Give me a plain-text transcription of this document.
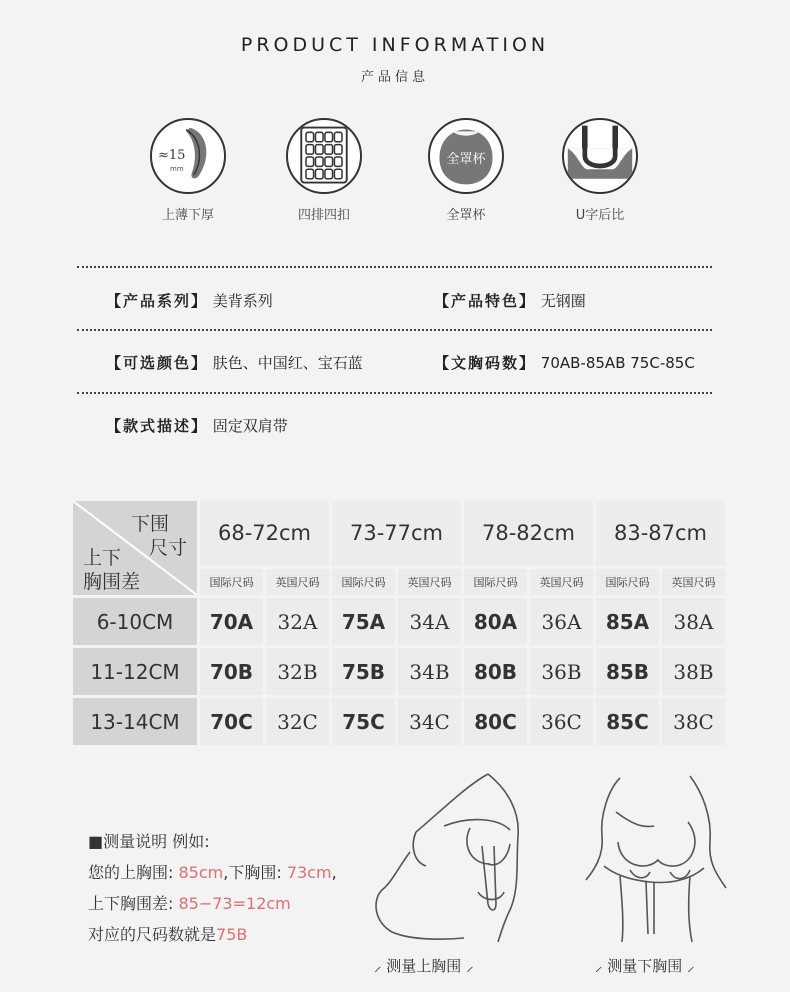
PRODUCT INFORMATION
产品信息
≈15
mm
上薄下厚	四排四扣
全罩杯
全罩杯	U字后比
【产品系列】 美背系列	【产品特色】 无钢圈
【可选颜色】 肤色、中国红、宝石蓝	【文胸码数】 70AB-85AB 75C-85C
【款式描述】 固定双肩带
下围
尺寸
上下
胸围差	68-72cm		73-77cm		78-82cm		83-87cm	
	国际尺码	英国尺码	国际尺码	英国尺码	国际尺码	英国尺码	国际尺码	英国尺码
6-10CM	70A	32A	75A	34A	80A	36A	85A	38A
11-12CM	70B	32B	75B	34B	80B	36B	85B	38B
13-14CM	70C	32C	75C	34C	80C	36C	85C	38C
■测量说明 例如:
您的上胸围: 85cm,下胸围: 73cm,
上下胸围差: 85−73=12cm
对应的尺码数就是75B
⸝ 测量上胸围 ⸝	⸝ 测量下胸围 ⸝
